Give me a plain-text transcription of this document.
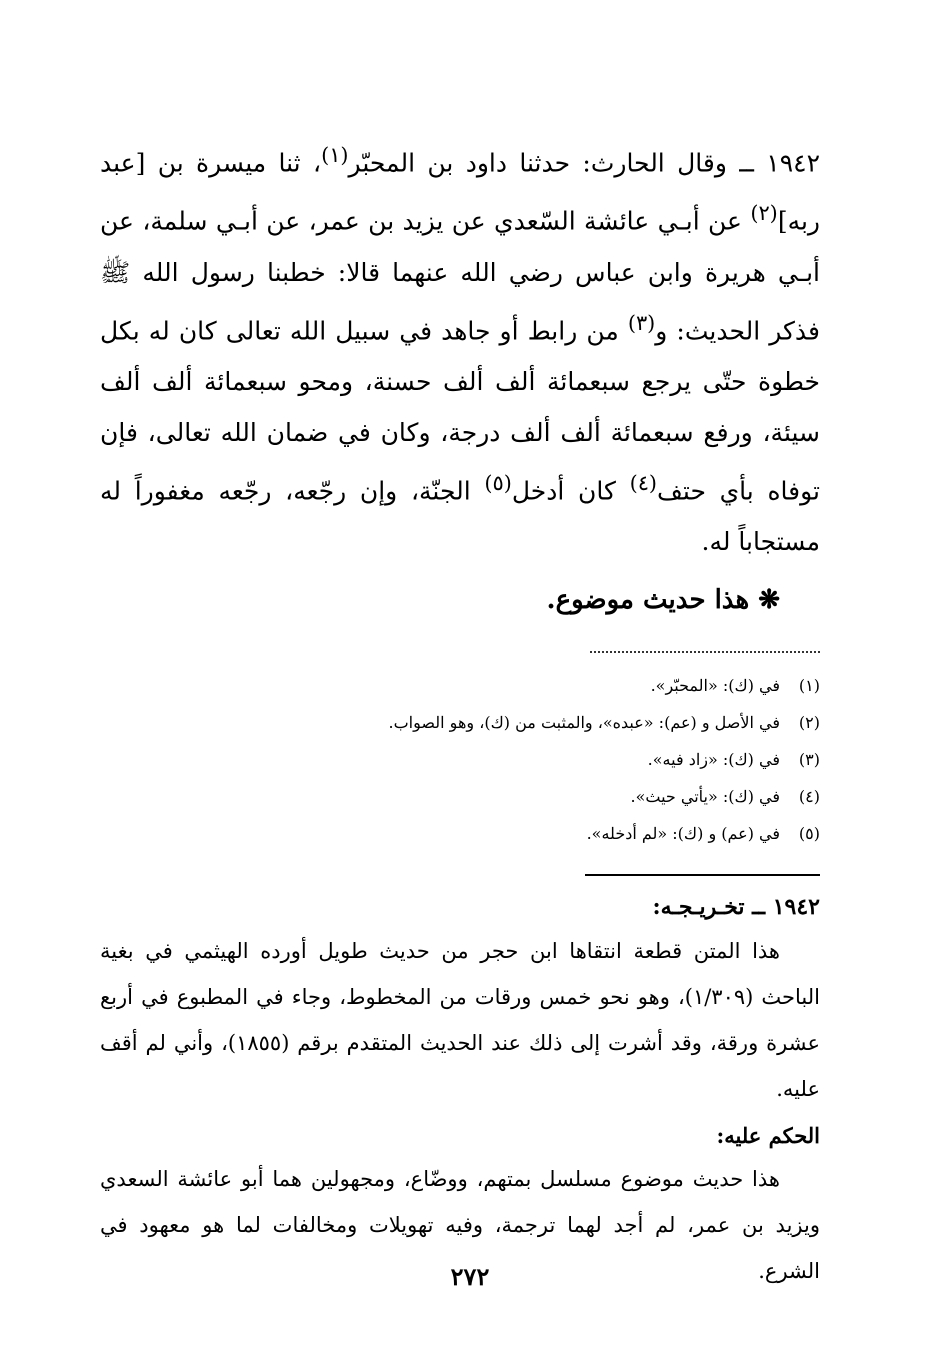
١٩٤٢ ــ وقال الحارث: حدثنا داود بن المحبّر$^{(١)}$، ثنا ميسرة بن [عبد ربه]$^{(٢)}$ عن أبـي عائشة السّعدي عن يزيد بن عمر، عن أبـي سلمة، عن أبـي هريرة وابن عباس رضي الله عنهما قالا: خطبنا رسول الله ﷺ فذكر الحديث: و$^{(٣)}$ من رابط أو جاهد في سبيل الله تعالى كان له بكل خطوة حتّى يرجع سبعمائة ألف ألف حسنة، ومحو سبعمائة ألف ألف سيئة، ورفع سبعمائة ألف ألف درجة، وكان في ضمان الله تعالى، فإن توفاه بأي حتف$^{(٤)}$ كان أدخل$^{(٥)}$ الجنّة، وإن رجّعه، رجّعه مغفوراً له مستجاباً له.

❋ هذا حديث موضوع.
(١)في (ك): «المحبّر».
(٢)في الأصل و (عم): «عبده»، والمثبت من (ك)، وهو الصواب.
(٣)في (ك): «زاد فيه».
(٤)في (ك): «يأتي حيث».
(٥)في (عم) و (ك): «لم أدخله».
١٩٤٢ ــ تخـريـجـه:

هذا المتن قطعة انتقاها ابن حجر من حديث طويل أورده الهيثمي في بغية الباحث (١/٣٠٩)، وهو نحو خمس ورقات من المخطوط، وجاء في المطبوع في أربع عشرة ورقة، وقد أشرت إلى ذلك عند الحديث المتقدم برقم (١٨٥٥)، وأني لم أقف عليه.

الحكم عليه:

هذا حديث موضوع مسلسل بمتهم، ووضّاع، ومجهولين هما أبو عائشة السعدي ويزيد بن عمر، لم أجد لهما ترجمة، وفيه تهويلات ومخالفات لما هو معهود في الشرع.

٢٧٢
